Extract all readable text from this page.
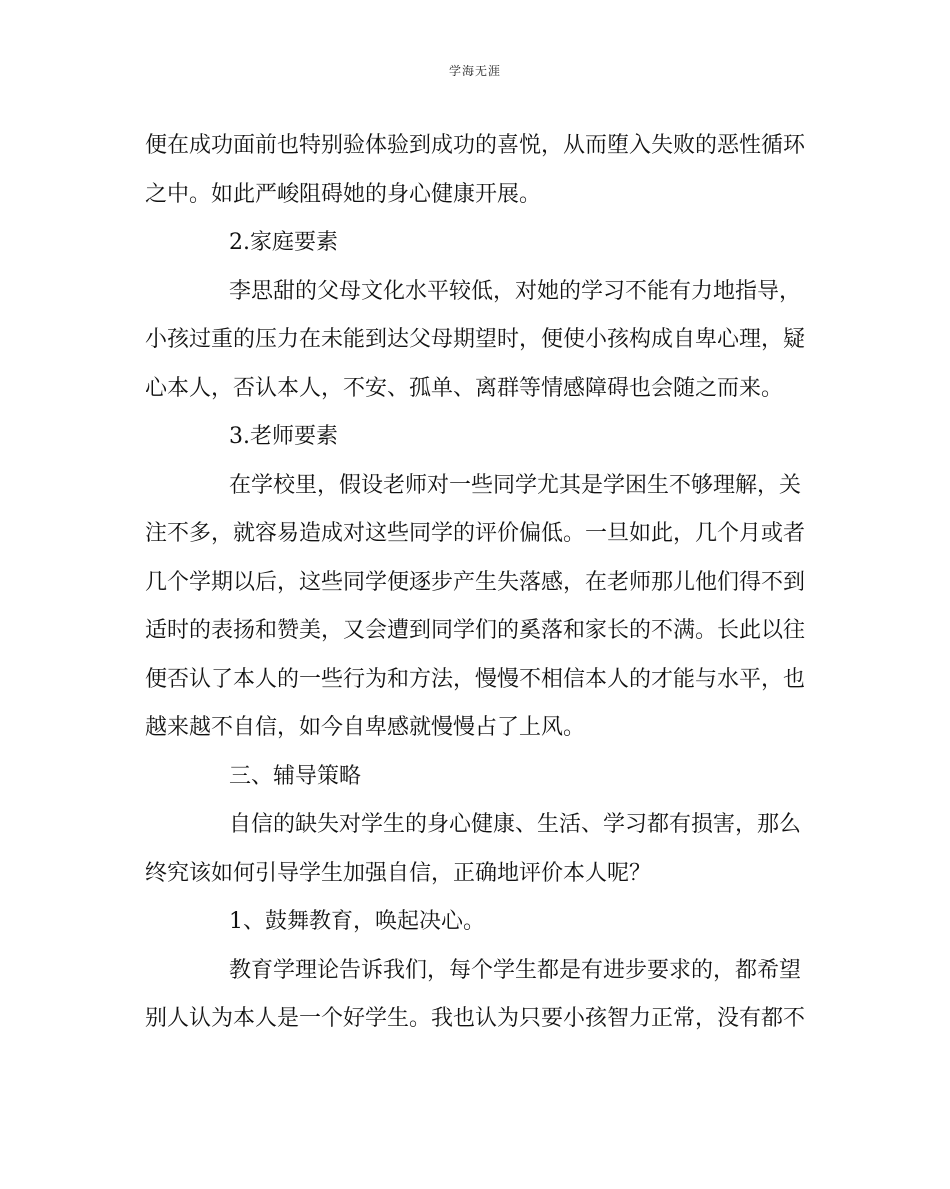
学海无涯
便在成功面前也特别验体验到成功的喜悦，从而堕入失败的恶性循环
之中。如此严峻阻碍她的身心健康开展。
2.家庭要素
李思甜的父母文化水平较低，对她的学习不能有力地指导，
小孩过重的压力在未能到达父母期望时，便使小孩构成自卑心理，疑
心本人，否认本人，不安、孤单、离群等情感障碍也会随之而来。
3.老师要素
在学校里，假设老师对一些同学尤其是学困生不够理解，关
注不多，就容易造成对这些同学的评价偏低。一旦如此，几个月或者
几个学期以后，这些同学便逐步产生失落感，在老师那儿他们得不到
适时的表扬和赞美，又会遭到同学们的奚落和家长的不满。长此以往
便否认了本人的一些行为和方法，慢慢不相信本人的才能与水平，也
越来越不自信，如今自卑感就慢慢占了上风。
三、辅导策略
自信的缺失对学生的身心健康、生活、学习都有损害，那么
终究该如何引导学生加强自信，正确地评价本人呢？
1、鼓舞教育，唤起决心。
教育学理论告诉我们，每个学生都是有进步要求的，都希望
别人认为本人是一个好学生。我也认为只要小孩智力正常，没有都不
